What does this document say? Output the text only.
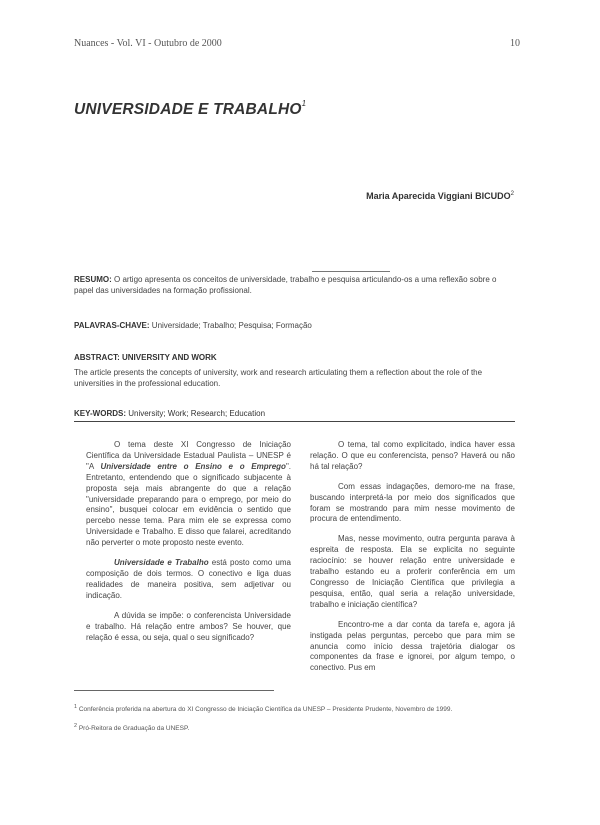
Nuances - Vol. VI - Outubro de 2000	10
UNIVERSIDADE E TRABALHO$^1$
Maria Aparecida Viggiani BICUDO$^2$
RESUMO: O artigo apresenta os conceitos de universidade, trabalho e pesquisa articulando-os a uma reflexão sobre o papel das universidades na formação profissional.
PALAVRAS-CHAVE: Universidade; Trabalho; Pesquisa; Formação
ABSTRACT: UNIVERSITY AND WORK
The article presents the concepts of university, work and research articulating them a reflection about the role of the universities in the professional education.
KEY-WORDS: University; Work; Research; Education

O tema deste XI Congresso de Iniciação Científica da Universidade Estadual Paulista – UNESP é "A Universidade entre o Ensino e o Emprego". Entretanto, entendendo que o significado subjacente à proposta seja mais abrangente do que a relação "universidade preparando para o emprego, por meio do ensino", busquei colocar em evidência o sentido que percebo nesse tema. Para mim ele se expressa como Universidade e Trabalho. E disso que falarei, acreditando não perverter o mote proposto neste evento.

Universidade e Trabalho está posto como uma composição de dois termos. O conectivo e liga duas realidades de maneira positiva, sem adjetivar ou indicação.

A dúvida se impõe: o conferencista Universidade e trabalho. Há relação entre ambos? Se houver, que relação é essa, ou seja, qual o seu significado?

O tema, tal como explicitado, indica haver essa relação. O que eu conferencista, penso? Haverá ou não há tal relação?

Com essas indagações, demoro-me na frase, buscando interpretá-la por meio dos significados que foram se mostrando para mim nesse movimento de procura de entendimento.

Mas, nesse movimento, outra pergunta parava à espreita de resposta. Ela se explicita no seguinte raciocínio: se houver relação entre universidade e trabalho estando eu a proferir conferência em um Congresso de Iniciação Científica que privilegia a pesquisa, então, qual seria a relação universidade, trabalho e iniciação científica?

Encontro-me a dar conta da tarefa e, agora já instigada pelas perguntas, percebo que para mim se anuncia como início dessa trajetória dialogar os componentes da frase e ignorei, por algum tempo, o conectivo. Pus em

$^1$ Conferência proferida na abertura do XI Congresso de Iniciação Científica da UNESP – Presidente Prudente, Novembro de 1999.
$^2$ Pró-Reitora de Graduação da UNESP.
